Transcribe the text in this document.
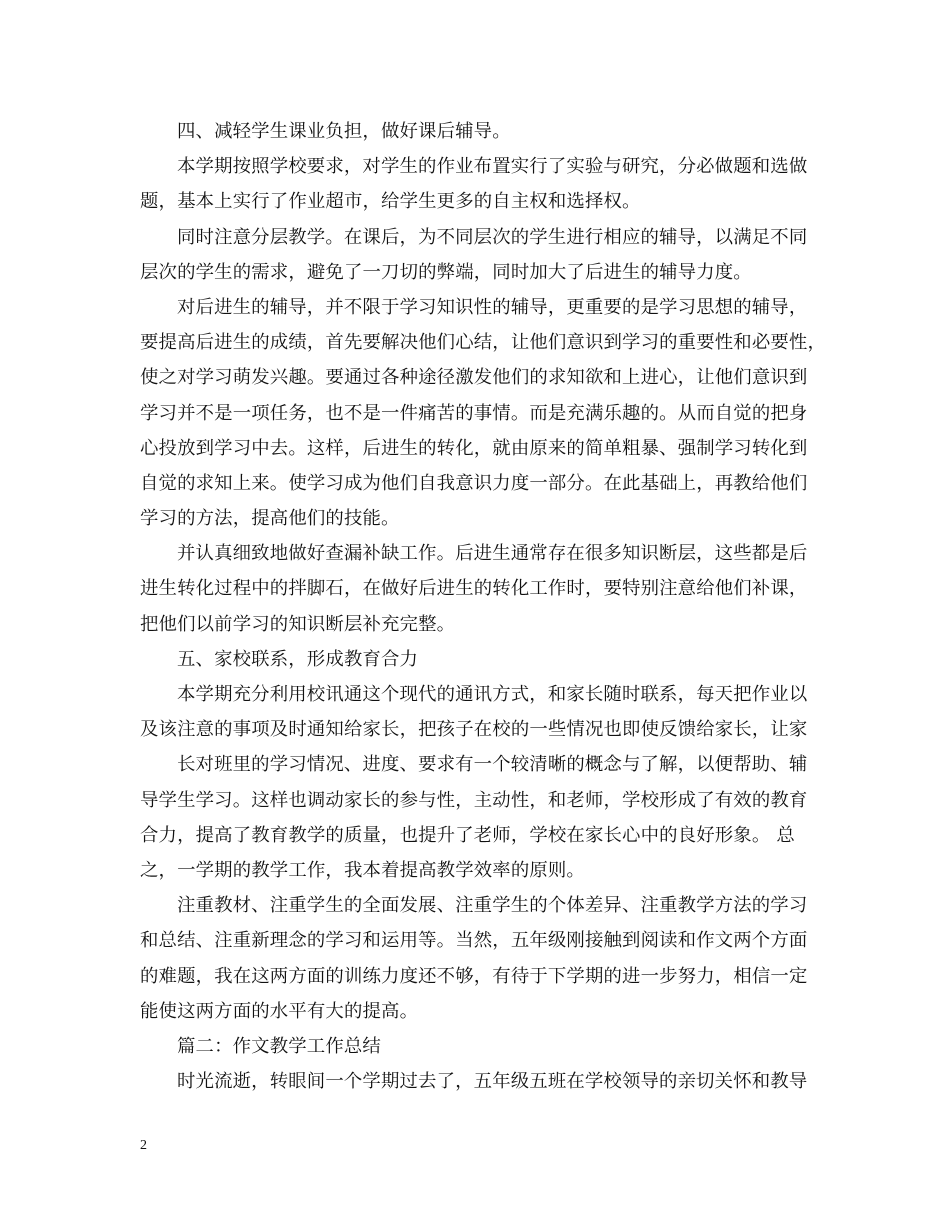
四、减轻学生课业负担，做好课后辅导。
本学期按照学校要求，对学生的作业布置实行了实验与研究，分必做题和选做
题，基本上实行了作业超市，给学生更多的自主权和选择权。
同时注意分层教学。在课后，为不同层次的学生进行相应的辅导，以满足不同
层次的学生的需求，避免了一刀切的弊端，同时加大了后进生的辅导力度。
对后进生的辅导，并不限于学习知识性的辅导，更重要的是学习思想的辅导，
要提高后进生的成绩，首先要解决他们心结，让他们意识到学习的重要性和必要性，
使之对学习萌发兴趣。要通过各种途径激发他们的求知欲和上进心，让他们意识到
学习并不是一项任务，也不是一件痛苦的事情。而是充满乐趣的。从而自觉的把身
心投放到学习中去。这样，后进生的转化，就由原来的简单粗暴、强制学习转化到
自觉的求知上来。使学习成为他们自我意识力度一部分。在此基础上，再教给他们
学习的方法，提高他们的技能。
并认真细致地做好查漏补缺工作。后进生通常存在很多知识断层，这些都是后
进生转化过程中的拌脚石，在做好后进生的转化工作时，要特别注意给他们补课，
把他们以前学习的知识断层补充完整。
五、家校联系，形成教育合力
本学期充分利用校讯通这个现代的通讯方式，和家长随时联系，每天把作业以
及该注意的事项及时通知给家长，把孩子在校的一些情况也即使反馈给家长，让家
长对班里的学习情况、进度、要求有一个较清晰的概念与了解，以便帮助、辅
导学生学习。这样也调动家长的参与性，主动性，和老师，学校形成了有效的教育
合力，提高了教育教学的质量，也提升了老师，学校在家长心中的良好形象。 总
之，一学期的教学工作，我本着提高教学效率的原则。
注重教材、注重学生的全面发展、注重学生的个体差异、注重教学方法的学习
和总结、注重新理念的学习和运用等。当然，五年级刚接触到阅读和作文两个方面
的难题，我在这两方面的训练力度还不够，有待于下学期的进一步努力，相信一定
能使这两方面的水平有大的提高。
篇二：作文教学工作总结
时光流逝，转眼间一个学期过去了，五年级五班在学校领导的亲切关怀和教导
2
